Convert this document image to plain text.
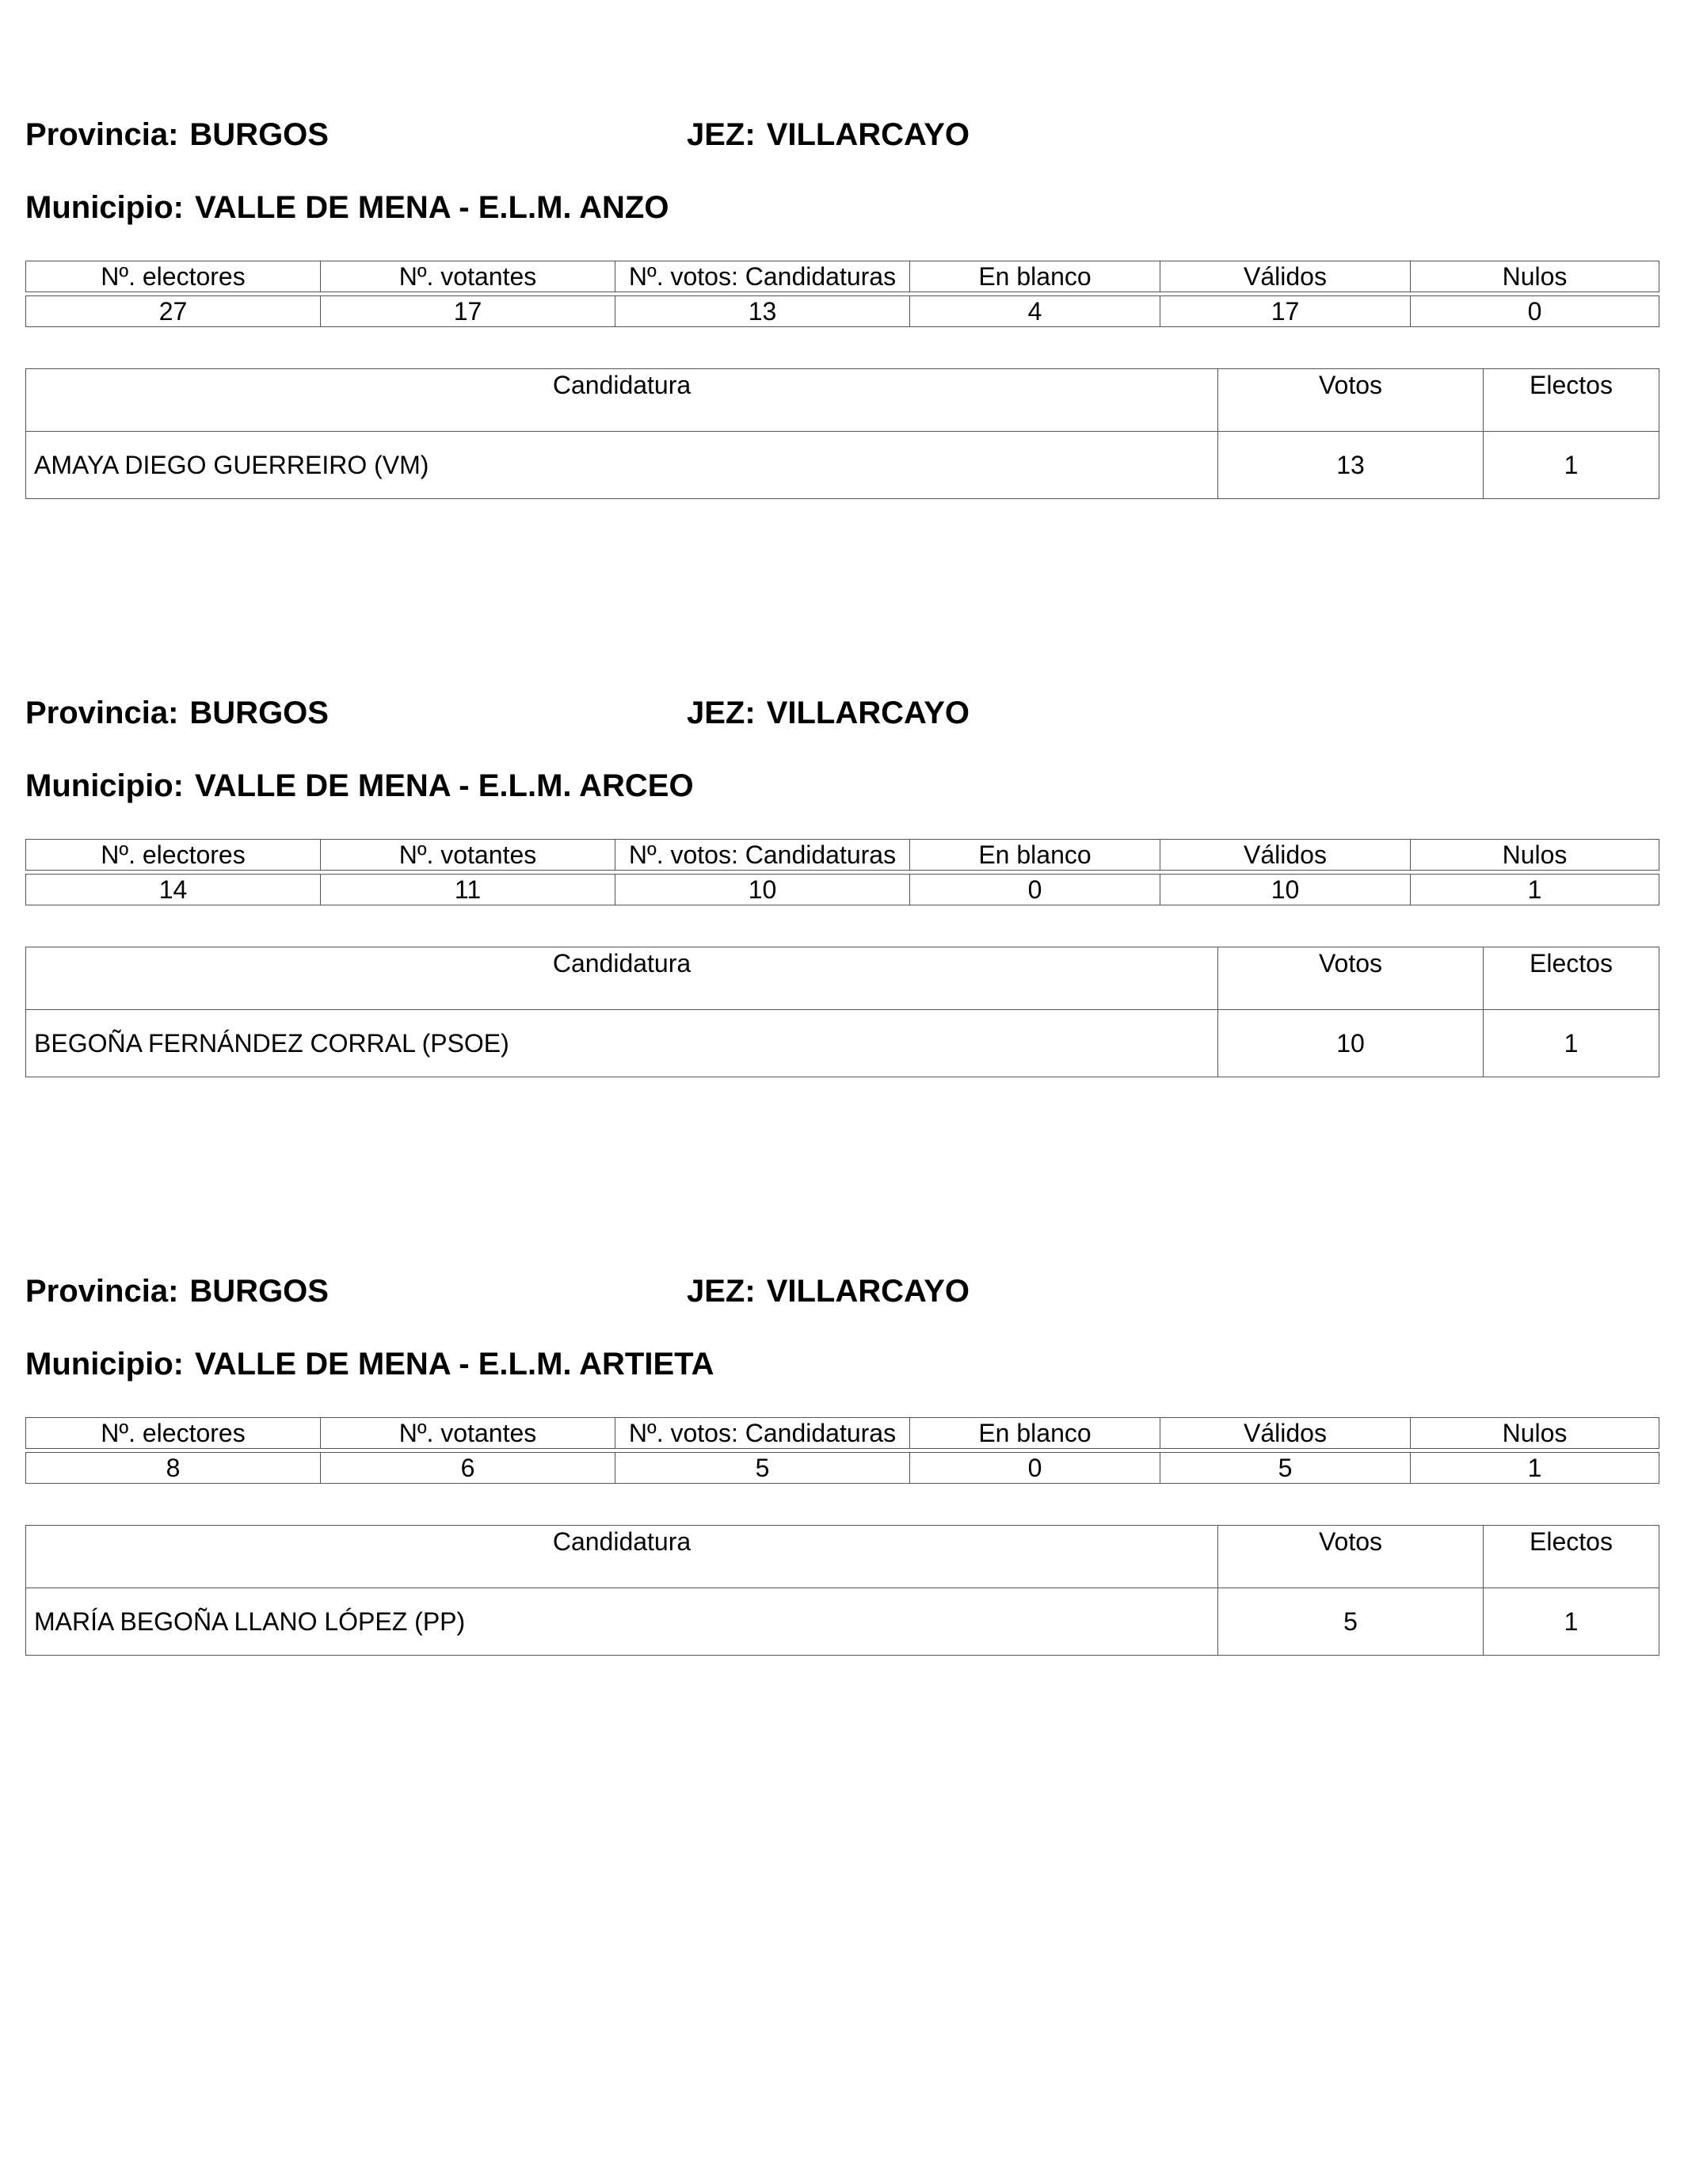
Provincia: BURGOS	JEZ: VILLARCAYO
Municipio: VALLE DE MENA - E.L.M. ANZO
Nº. electores	Nº. votantes	Nº. votos: Candidaturas	En blanco	Válidos	Nulos

27	17	13	4	17	0
Candidatura	Votos	Electos
AMAYA DIEGO GUERREIRO (VM)	13	1
Provincia: BURGOS	JEZ: VILLARCAYO
Municipio: VALLE DE MENA - E.L.M. ARCEO
Nº. electores	Nº. votantes	Nº. votos: Candidaturas	En blanco	Válidos	Nulos

14	11	10	0	10	1
Candidatura	Votos	Electos
BEGOÑA FERNÁNDEZ CORRAL (PSOE)	10	1
Provincia: BURGOS	JEZ: VILLARCAYO
Municipio: VALLE DE MENA - E.L.M. ARTIETA
Nº. electores	Nº. votantes	Nº. votos: Candidaturas	En blanco	Válidos	Nulos

8	6	5	0	5	1
Candidatura	Votos	Electos
MARÍA BEGOÑA LLANO LÓPEZ (PP)	5	1
